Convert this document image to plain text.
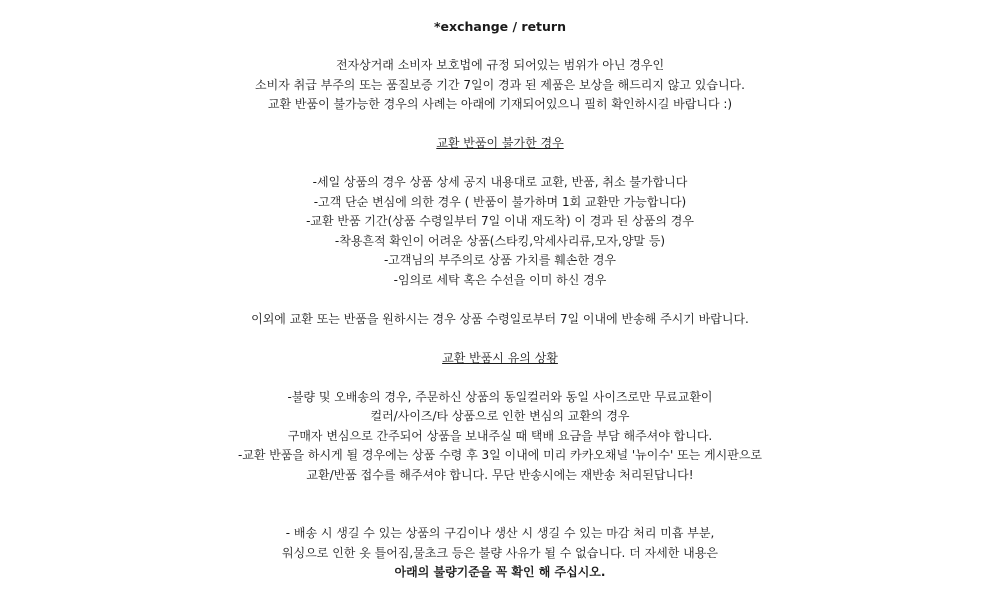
*exchange / return
전자상거래 소비자 보호법에 규정 되어있는 범위가 아닌 경우인
소비자 취급 부주의 또는 품질보증 기간 7일이 경과 된 제품은 보상을 해드리지 않고 있습니다.
교환 반품이 불가능한 경우의 사례는 아래에 기재되어있으니 필히 확인하시길 바랍니다 :)
교환 반품이 불가한 경우
-세일 상품의 경우 상품 상세 공지 내용대로 교환, 반품, 취소 불가합니다
-고객 단순 변심에 의한 경우 ( 반품이 불가하며 1회 교환만 가능합니다)
-교환 반품 기간(상품 수령일부터 7일 이내 재도착) 이 경과 된 상품의 경우
-착용흔적 확인이 어려운 상품(스타킹,악세사리류,모자,양말 등)
-고객님의 부주의로 상품 가치를 훼손한 경우
-임의로 세탁 혹은 수선을 이미 하신 경우
이외에 교환 또는 반품을 원하시는 경우 상품 수령일로부터 7일 이내에 반송해 주시기 바랍니다.
교환 반품시 유의 상황
-불량 및 오배송의 경우, 주문하신 상품의 동일컬러와 동일 사이즈로만 무료교환이
컬러/사이즈/타 상품으로 인한 변심의 교환의 경우
구매자 변심으로 간주되어 상품을 보내주실 때 택배 요금을 부담 해주셔야 합니다.
-교환 반품을 하시게 될 경우에는 상품 수령 후 3일 이내에 미리 카카오채널 '뉴이수' 또는 게시판으로
교환/반품 접수를 해주셔야 합니다. 무단 반송시에는 재반송 처리된답니다!
- 배송 시 생길 수 있는 상품의 구김이나 생산 시 생길 수 있는 마감 처리 미흡 부분,
워싱으로 인한 옷 틀어짐,물초크 등은 불량 사유가 될 수 없습니다. 더 자세한 내용은
아래의 불량기준을 꼭 확인 해 주십시오.
